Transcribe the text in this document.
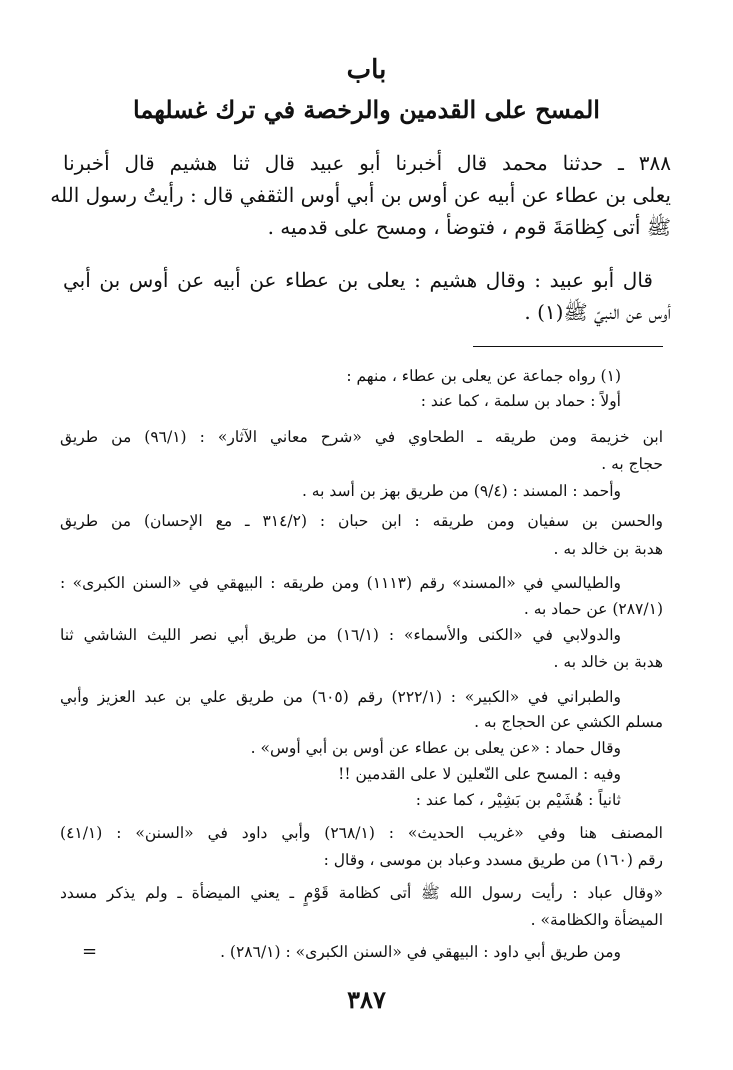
باب
المسح على القدمين والرخصة في ترك غسلهما
٣٨٨ ـ حدثنا محمد قال أخبرنا أبو عبيد قال ثنا هشيم قال أخبرنا
يعلى بن عطاء عن أبيه عن أوس بن أبي أوس الثقفي قال : رأيتُ رسول الله
ﷺ أتى كِظامَةَ قوم ، فتوضأ ، ومسح على قدميه .
قال أبو عبيد : وقال هشيم : يعلى بن عطاء عن أبيه عن أوس بن أبي
أوس عن النبيّ ﷺ(١) .
(١) رواه جماعة عن يعلى بن عطاء ، منهم :
أولاً : حماد بن سلمة ، كما عند :
ابن خزيمة ومن طريقه ـ الطحاوي في «شرح معاني الآثار» : (٩٦/١) من طريق
حجاج به .
وأحمد : المسند : (٩/٤) من طريق بهز بن أسد به .
والحسن بن سفيان ومن طريقه : ابن حبان : (٣١٤/٢ ـ مع الإحسان) من طريق
هدبة بن خالد به .
والطيالسي في «المسند» رقم (١١١٣) ومن طريقه : البيهقي في «السنن الكبرى» :
(٢٨٧/١) عن حماد به .
والدولابي في «الكنى والأسماء» : (١٦/١) من طريق أبي نصر الليث الشاشي ثنا
هدبة بن خالد به .
والطبراني في «الكبير» : (٢٢٢/١) رقم (٦٠٥) من طريق علي بن عبد العزيز وأبي
مسلم الكشي عن الحجاج به .
وقال حماد : «عن يعلى بن عطاء عن أوس بن أبي أوس» .
وفيه : المسح على النّعلين لا على القدمين !!
ثانياً : هُشَيْم بن بَشِيْر ، كما عند :
المصنف هنا وفي «غريب الحديث» : (٢٦٨/١) وأبي داود في «السنن» : (٤١/١)
رقم (١٦٠) من طريق مسدد وعباد بن موسى ، وقال :
«وقال عباد : رأيت رسول الله ﷺ أتى كظامة قَوْمٍ ـ يعني الميضأة ـ ولم يذكر مسدد
الميضأة والكظامة» .
ومن طريق أبي داود : البيهقي في «السنن الكبرى» : (٢٨٦/١) .
=
٣٨٧
